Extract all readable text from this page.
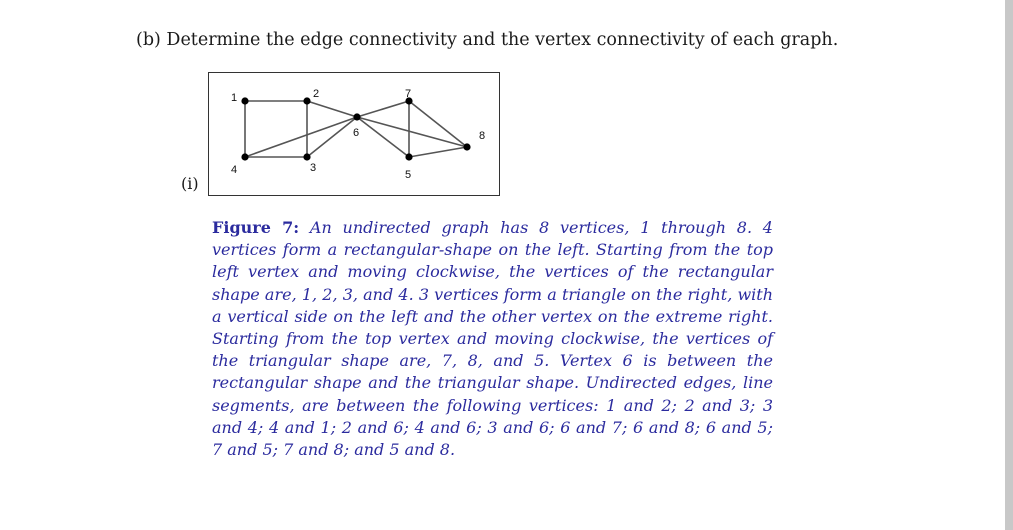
(b) Determine the edge connectivity and the vertex connectivity of each graph.
(i)
1	2
3
4	5
6
7
8
Figure 7: An undirected graph has 8 vertices, 1 through 8. 4 vertices form a rectangular-shape on the left. Starting from the top left vertex and moving clockwise, the vertices of the rectangular shape are, 1, 2, 3, and 4. 3 vertices form a triangle on the right, with a vertical side on the left and the other vertex on the extreme right. Starting from the top vertex and moving clockwise, the vertices of the triangular shape are, 7, 8, and 5. Vertex 6 is between the rectangular shape and the triangular shape. Undirected edges, line segments, are between the following vertices: 1 and 2; 2 and 3; 3 and 4; 4 and 1; 2 and 6; 4 and 6; 3 and 6; 6 and 7; 6 and 8; 6 and 5; 7 and 5; 7 and 8; and 5 and 8.
